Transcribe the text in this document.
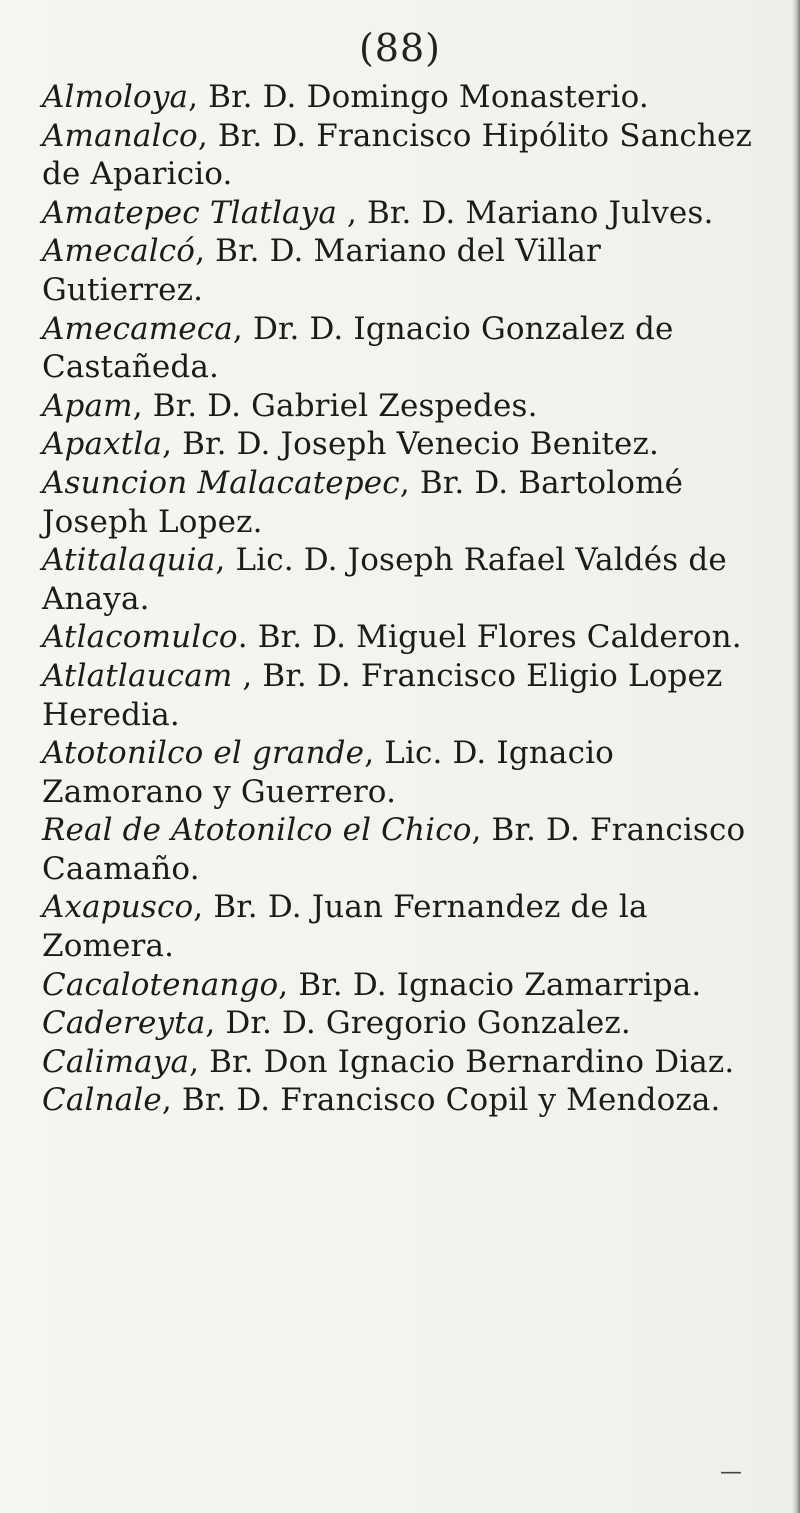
(88)
Almoloya, Br. D. Domingo Monasterio.
Amanalco, Br. D. Francisco Hipólito Sanchez de Aparicio.
Amatepec Tlatlaya , Br. D. Mariano Julves.
Amecalcó, Br. D. Mariano del Villar Gutierrez.
Amecameca, Dr. D. Ignacio Gonzalez de Castañeda.
Apam, Br. D. Gabriel Zespedes.
Apaxtla, Br. D. Joseph Venecio Benitez.
Asuncion Malacatepec, Br. D. Bartolomé Joseph Lopez.
Atitalaquia, Lic. D. Joseph Rafael Valdés de Anaya.
Atlacomulco. Br. D. Miguel Flores Calderon.
Atlatlaucam , Br. D. Francisco Eligio Lopez Heredia.
Atotonilco el grande, Lic. D. Ignacio Zamorano y Guerrero.
Real de Atotonilco el Chico, Br. D. Francisco Caamaño.
Axapusco, Br. D. Juan Fernandez de la Zomera.
Cacalotenango, Br. D. Ignacio Zamarripa.
Cadereyta, Dr. D. Gregorio Gonzalez.
Calimaya, Br. Don Ignacio Bernardino Diaz.
Calnale, Br. D. Francisco Copil y Mendoza.
—
